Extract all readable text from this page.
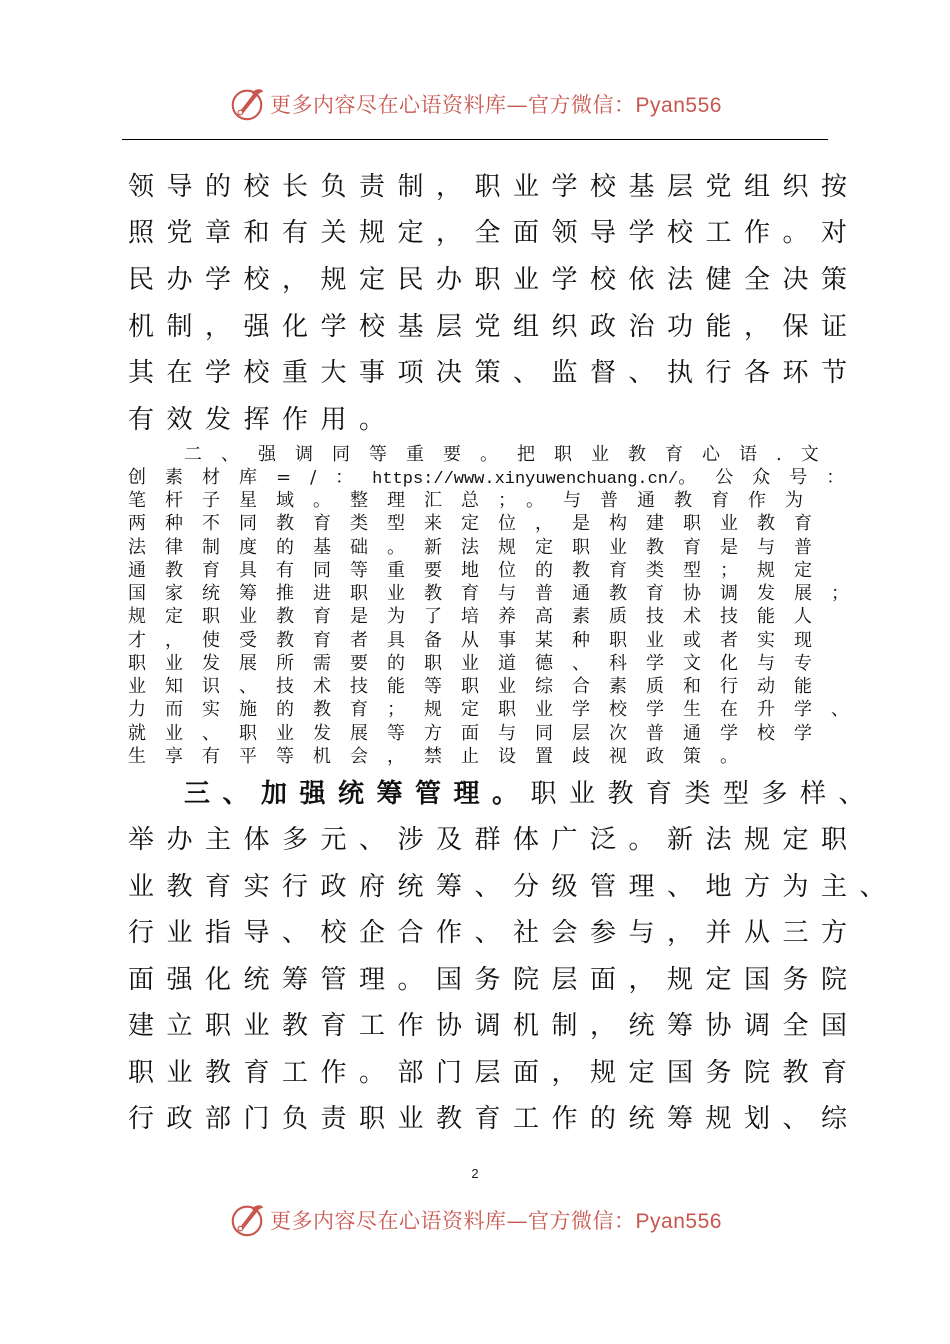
更多内容尽在心语资料库—官方微信：Pyan556
领导的校长负责制，职业学校基层党组织按
照党章和有关规定，全面领导学校工作。对
民办学校，规定民办职业学校依法健全决策
机制，强化学校基层党组织政治功能，保证
其在学校重大事项决策、监督、执行各环节
有效发挥作用。
二、强调同等重要。把职业教育心语.文
创素材库=/：https://www.xinyuwenchuang.cn/。公众号：
笔杆子星域。整理汇总；。与普通教育作为
两种不同教育类型来定位，是构建职业教育
法律制度的基础。新法规定职业教育是与普
通教育具有同等重要地位的教育类型；规定
国家统筹推进职业教育与普通教育协调发展；
规定职业教育是为了培养高素质技术技能人
才，使受教育者具备从事某种职业或者实现
职业发展所需要的职业道德、科学文化与专
业知识、技术技能等职业综合素质和行动能
力而实施的教育；规定职业学校学生在升学、
就业、职业发展等方面与同层次普通学校学
生享有平等机会，禁止设置歧视政策。
三、加强统筹管理。职业教育类型多样、
举办主体多元、涉及群体广泛。新法规定职
业教育实行政府统筹、分级管理、地方为主、
行业指导、校企合作、社会参与，并从三方
面强化统筹管理。国务院层面，规定国务院
建立职业教育工作协调机制，统筹协调全国
职业教育工作。部门层面，规定国务院教育
行政部门负责职业教育工作的统筹规划、综
2
更多内容尽在心语资料库—官方微信：Pyan556
